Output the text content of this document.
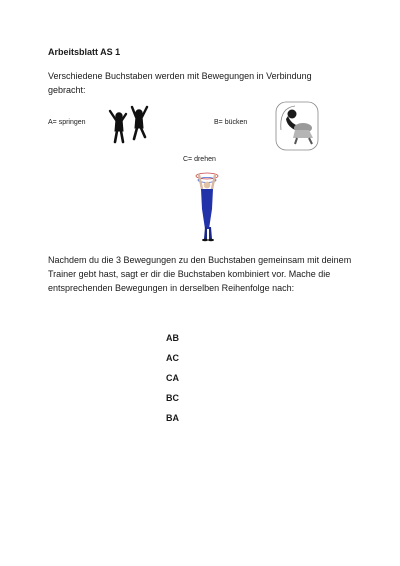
Arbeitsblatt AS 1

Verschiedene Buchstaben werden mit Bewegungen in Verbindung gebracht:

A= springen	B= bücken

C= drehen

Nachdem du die 3 Bewegungen zu den Buchstaben gemeinsam mit deinem Trainer gebt hast, sagt er dir die Buchstaben kombiniert vor. Mache die entsprechenden Bewegungen in derselben Reihenfolge nach:

AB
AC
CA
BC
BA
